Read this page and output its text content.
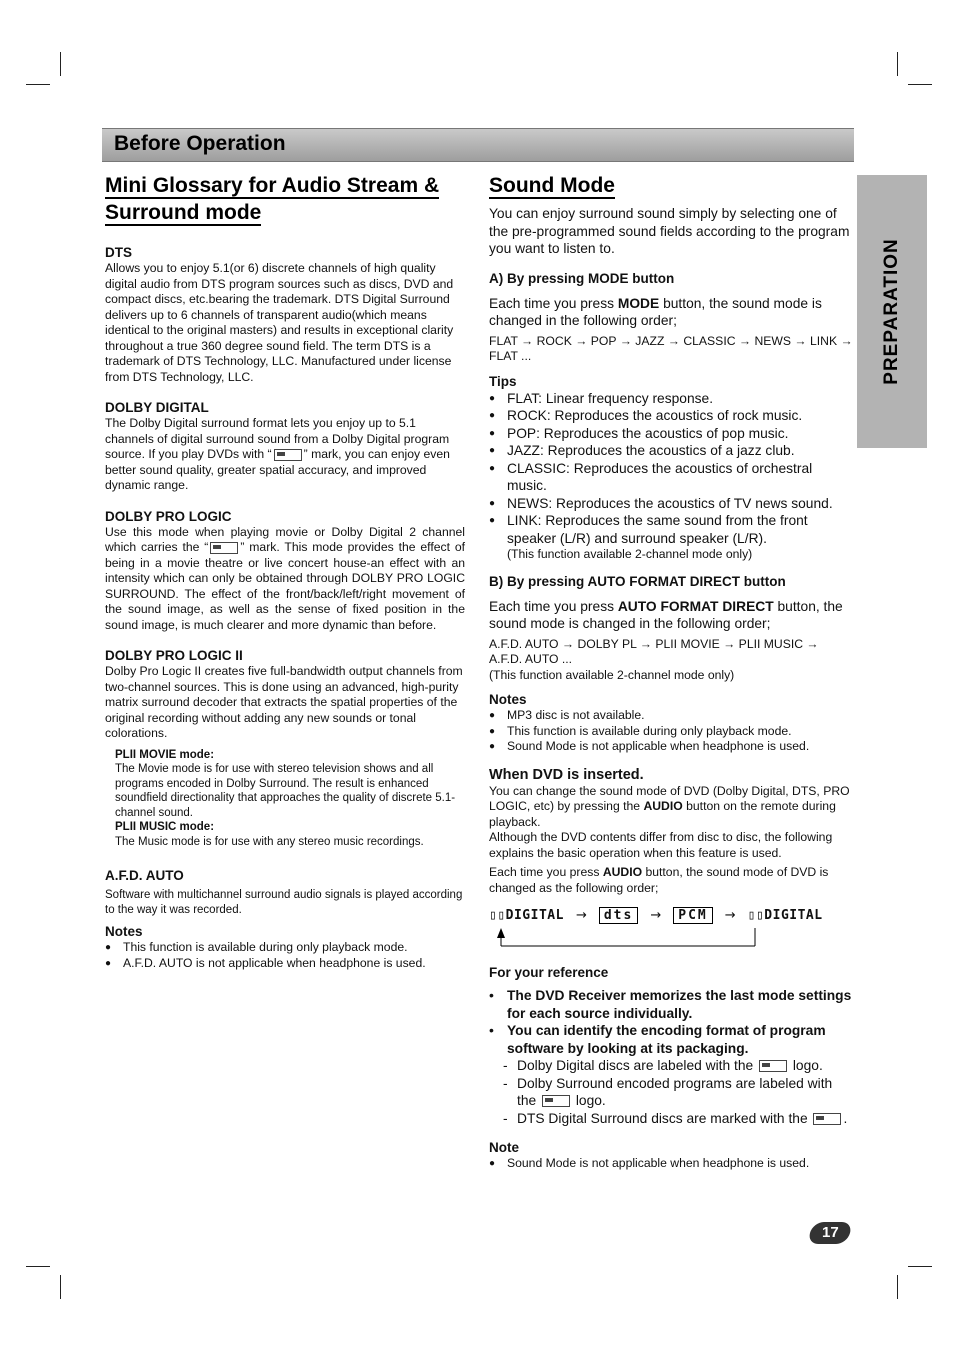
Before Operation
PREPARATION
Mini Glossary for Audio Stream &
Surround mode

DTS

Allows you to enjoy 5.1(or 6) discrete channels of high quality digital audio from DTS program sources such as discs, DVD and compact discs, etc.bearing the trademark. DTS Digital Surround delivers up to 6 channels of transparent audio(which means identical to the original masters) and results in exceptional clarity throughout a true 360 degree sound field. The term DTS is a trademark of DTS Technology, LLC. Manufactured under license from DTS Technology, LLC.

DOLBY DIGITAL

The Dolby Digital surround format lets you enjoy up to 5.1 channels of digital surround sound from a Dolby Digital program source. If you play DVDs with “	” mark, you can enjoy even better sound quality, greater spatial accuracy, and improved dynamic range.

DOLBY PRO LOGIC

Use this mode when playing movie or Dolby Digital 2 channel which carries the “	” mark. This mode provides the effect of being in a movie theatre or live concert house-an effect with an intensity which can only be obtained through DOLBY PRO LOGIC SURROUND. The effect of the front/back/left/right movement of the sound image, as well as the sense of fixed position in the sound image, is much clearer and more dynamic than before.

DOLBY PRO LOGIC II

Dolby Pro Logic II creates five full-bandwidth output channels from two-channel sources. This is done using an advanced, high-purity matrix surround decoder that extracts the spatial properties of the original recording without adding any new sounds or tonal colorations.

PLII MOVIE mode:

The Movie mode is for use with stereo television shows and all programs encoded in Dolby Surround. The result is enhanced soundfield directionality that approaches the quality of discrete 5.1-channel sound.

PLII MUSIC mode:

The Music mode is for use with any stereo music recordings.

A.F.D. AUTO

Software with multichannel surround audio signals is played according to the way it was recorded.

Notes

● This function is available during only playback mode.
● A.F.D. AUTO is not applicable when headphone is used.
Sound Mode

You can enjoy surround sound simply by selecting one of the pre-programmed sound fields according to the program you want to listen to.

A) By pressing MODE button

Each time you press MODE button, the sound mode is changed in the following order;

FLAT → ROCK → POP → JAZZ → CLASSIC → NEWS → LINK → FLAT ...

Tips

● FLAT: Linear frequency response.
● ROCK: Reproduces the acoustics of rock music.
● POP: Reproduces the acoustics of pop music.
● JAZZ: Reproduces the acoustics of a jazz club.
● CLASSIC: Reproduces the acoustics of orchestral music.
● NEWS: Reproduces the acoustics of TV news sound.
● LINK: Reproduces the same sound from the front speaker (L/R) and surround speaker (L/R).

(This function available 2-channel mode only)

B) By pressing AUTO FORMAT DIRECT button

Each time you press AUTO FORMAT DIRECT button, the sound mode is changed in the following order;

A.F.D. AUTO → DOLBY PL → PLII MOVIE → PLII MUSIC → A.F.D. AUTO ...

(This function available 2-channel mode only)

Notes

● MP3 disc is not available.
● This function is available during only playback mode.
● Sound Mode is not applicable when headphone is used.

When DVD is inserted.

You can change the sound mode of DVD (Dolby Digital, DTS, PRO LOGIC, etc) by pressing the AUDIO button on the remote during playback.

Although the DVD contents differ from disc to disc, the following explains the basic operation when this feature is used.

Each time you press AUDIO button, the sound mode of DVD is changed as the following order;

▯▯DIGITAL →	dts	→	PCM	→ ▯▯DIGITAL

For your reference

• The DVD Receiver memorizes the last mode settings for each source individually.
• You can identify the encoding format of program software by looking at its packaging.
- Dolby Digital discs are labeled with the  logo.
- Dolby Surround encoded programs are labeled with the  logo.
- DTS Digital Surround discs are marked with the .

Note

● Sound Mode is not applicable when headphone is used.
17
